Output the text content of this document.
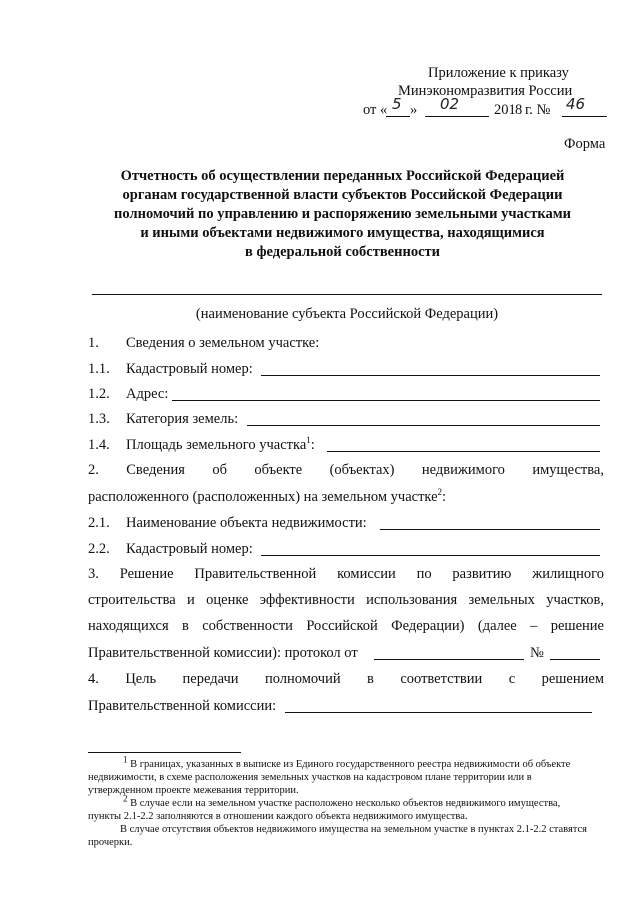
Приложение к приказу
Минэкономразвития России
от « 5 » 02 201 8 г. № 46
Форма
Отчетность об осуществлении переданных Российской Федерацией
органам государственной власти субъектов Российской Федерации
полномочий по управлению и распоряжению земельными участками
и иными объектами недвижимого имущества, находящимися
в федеральной собственности
(наименование субъекта Российской Федерации)
1. Сведения о земельном участке:
1.1. Кадастровый номер:
1.2. Адрес:
1.3. Категория земель:
1.4. Площадь земельного участка$^1$:
2. Сведения об объекте (объектах) недвижимого имущества,
расположенного (расположенных) на земельном участке$^2$:
2.1. Наименование объекта недвижимости:
2.2. Кадастровый номер:
3. Решение Правительственной комиссии по развитию жилищного
строительства и оценке эффективности использования земельных участков,
находящихся в собственности Российской Федерации) (далее – решение
Правительственной комиссии): протокол от	№
4. Цель передачи полномочий в соответствии с решением
Правительственной комиссии:
$^1$ В границах, указанных в выписке из Единого государственного реестра недвижимости об объекте
недвижимости, в схеме расположения земельных участков на кадастровом плане территории или в
утвержденном проекте межевания территории.
$^2$ В случае если на земельном участке расположено несколько объектов недвижимого имущества,
пункты 2.1-2.2 заполняются в отношении каждого объекта недвижимого имущества.
В случае отсутствия объектов недвижимого имущества на земельном участке в пунктах 2.1-2.2 ставятся
прочерки.
